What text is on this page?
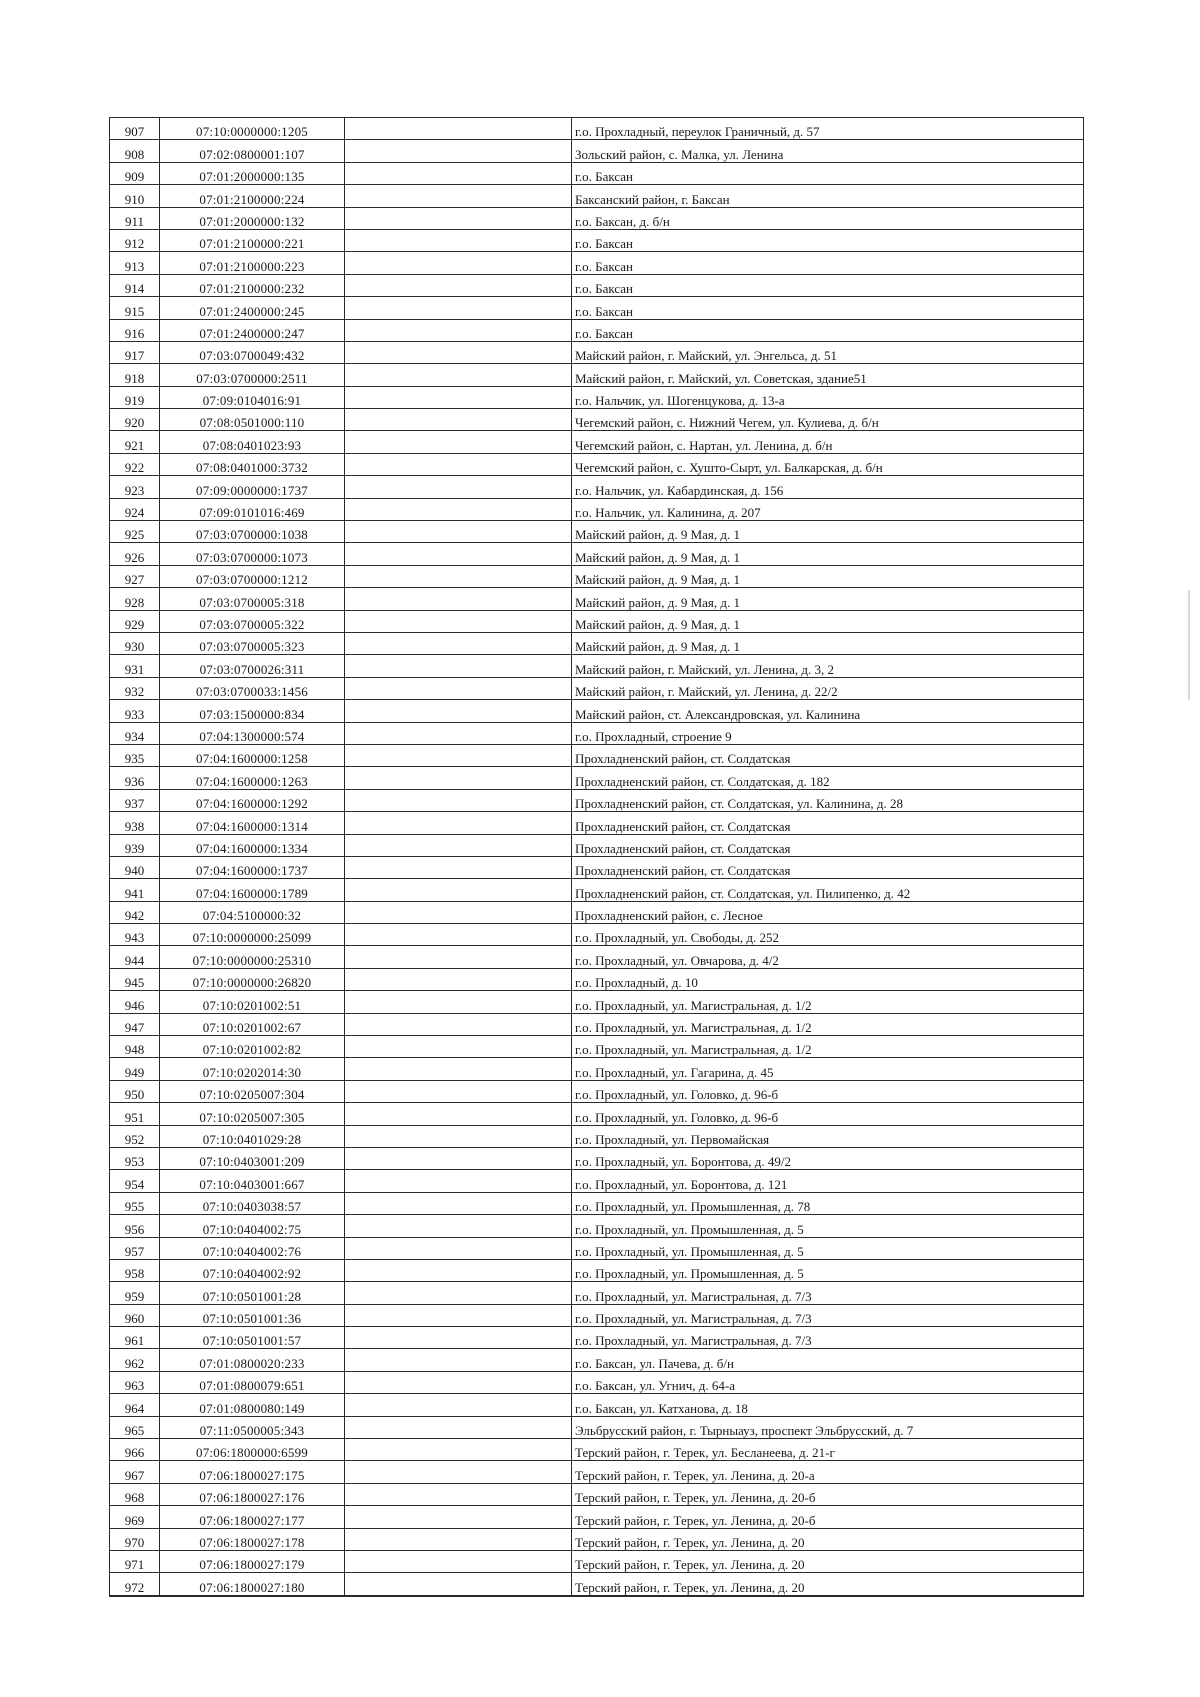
907	07:10:0000000:1205		г.о. Прохладный, переулок Граничный, д. 57
908	07:02:0800001:107		Зольский район, с. Малка, ул. Ленина
909	07:01:2000000:135		г.о. Баксан
910	07:01:2100000:224		Баксанский район, г. Баксан
911	07:01:2000000:132		г.о. Баксан, д. б/н
912	07:01:2100000:221		г.о. Баксан
913	07:01:2100000:223		г.о. Баксан
914	07:01:2100000:232		г.о. Баксан
915	07:01:2400000:245		г.о. Баксан
916	07:01:2400000:247		г.о. Баксан
917	07:03:0700049:432		Майский район, г. Майский, ул. Энгельса, д. 51
918	07:03:0700000:2511		Майский район, г. Майский, ул. Советская, здание51
919	07:09:0104016:91		г.о. Нальчик, ул. Шогенцукова, д. 13-а
920	07:08:0501000:110		Чегемский район, с. Нижний Чегем, ул. Кулиева, д. б/н
921	07:08:0401023:93		Чегемский район, с. Нартан, ул. Ленина, д. б/н
922	07:08:0401000:3732		Чегемский район, с. Хушто-Сырт, ул. Балкарская, д. б/н
923	07:09:0000000:1737		г.о. Нальчик, ул. Кабардинская, д. 156
924	07:09:0101016:469		г.о. Нальчик, ул. Калинина, д. 207
925	07:03:0700000:1038		Майский район, д. 9 Мая, д. 1
926	07:03:0700000:1073		Майский район, д. 9 Мая, д. 1
927	07:03:0700000:1212		Майский район, д. 9 Мая, д. 1
928	07:03:0700005:318		Майский район, д. 9 Мая, д. 1
929	07:03:0700005:322		Майский район, д. 9 Мая, д. 1
930	07:03:0700005:323		Майский район, д. 9 Мая, д. 1
931	07:03:0700026:311		Майский район, г. Майский, ул. Ленина, д. 3, 2
932	07:03:0700033:1456		Майский район, г. Майский, ул. Ленина, д. 22/2
933	07:03:1500000:834		Майский район, ст. Александровская, ул. Калинина
934	07:04:1300000:574		г.о. Прохладный, строение 9
935	07:04:1600000:1258		Прохладненский район, ст. Солдатская
936	07:04:1600000:1263		Прохладненский район, ст. Солдатская, д. 182
937	07:04:1600000:1292		Прохладненский район, ст. Солдатская, ул. Калинина, д. 28
938	07:04:1600000:1314		Прохладненский район, ст. Солдатская
939	07:04:1600000:1334		Прохладненский район, ст. Солдатская
940	07:04:1600000:1737		Прохладненский район, ст. Солдатская
941	07:04:1600000:1789		Прохладненский район, ст. Солдатская, ул. Пилипенко, д. 42
942	07:04:5100000:32		Прохладненский район, с. Лесное
943	07:10:0000000:25099		г.о. Прохладный, ул. Свободы, д. 252
944	07:10:0000000:25310		г.о. Прохладный, ул. Овчарова, д. 4/2
945	07:10:0000000:26820		г.о. Прохладный, д. 10
946	07:10:0201002:51		г.о. Прохладный, ул. Магистральная, д. 1/2
947	07:10:0201002:67		г.о. Прохладный, ул. Магистральная, д. 1/2
948	07:10:0201002:82		г.о. Прохладный, ул. Магистральная, д. 1/2
949	07:10:0202014:30		г.о. Прохладный, ул. Гагарина, д. 45
950	07:10:0205007:304		г.о. Прохладный, ул. Головко, д. 96-б
951	07:10:0205007:305		г.о. Прохладный, ул. Головко, д. 96-б
952	07:10:0401029:28		г.о. Прохладный, ул. Первомайская
953	07:10:0403001:209		г.о. Прохладный, ул. Боронтова, д. 49/2
954	07:10:0403001:667		г.о. Прохладный, ул. Боронтова, д. 121
955	07:10:0403038:57		г.о. Прохладный, ул. Промышленная, д. 78
956	07:10:0404002:75		г.о. Прохладный, ул. Промышленная, д. 5
957	07:10:0404002:76		г.о. Прохладный, ул. Промышленная, д. 5
958	07:10:0404002:92		г.о. Прохладный, ул. Промышленная, д. 5
959	07:10:0501001:28		г.о. Прохладный, ул. Магистральная, д. 7/3
960	07:10:0501001:36		г.о. Прохладный, ул. Магистральная, д. 7/3
961	07:10:0501001:57		г.о. Прохладный, ул. Магистральная, д. 7/3
962	07:01:0800020:233		г.о. Баксан, ул. Пачева, д. б/н
963	07:01:0800079:651		г.о. Баксан, ул. Угнич, д. 64-а
964	07:01:0800080:149		г.о. Баксан, ул. Катханова, д. 18
965	07:11:0500005:343		Эльбрусский район, г. Тырныауз, проспект Эльбрусский, д. 7
966	07:06:1800000:6599		Терский район, г. Терек, ул. Бесланеева, д. 21-г
967	07:06:1800027:175		Терский район, г. Терек, ул. Ленина, д. 20-а
968	07:06:1800027:176		Терский район, г. Терек, ул. Ленина, д. 20-б
969	07:06:1800027:177		Терский район, г. Терек, ул. Ленина, д. 20-б
970	07:06:1800027:178		Терский район, г. Терек, ул. Ленина, д. 20
971	07:06:1800027:179		Терский район, г. Терек, ул. Ленина, д. 20
972	07:06:1800027:180		Терский район, г. Терек, ул. Ленина, д. 20
